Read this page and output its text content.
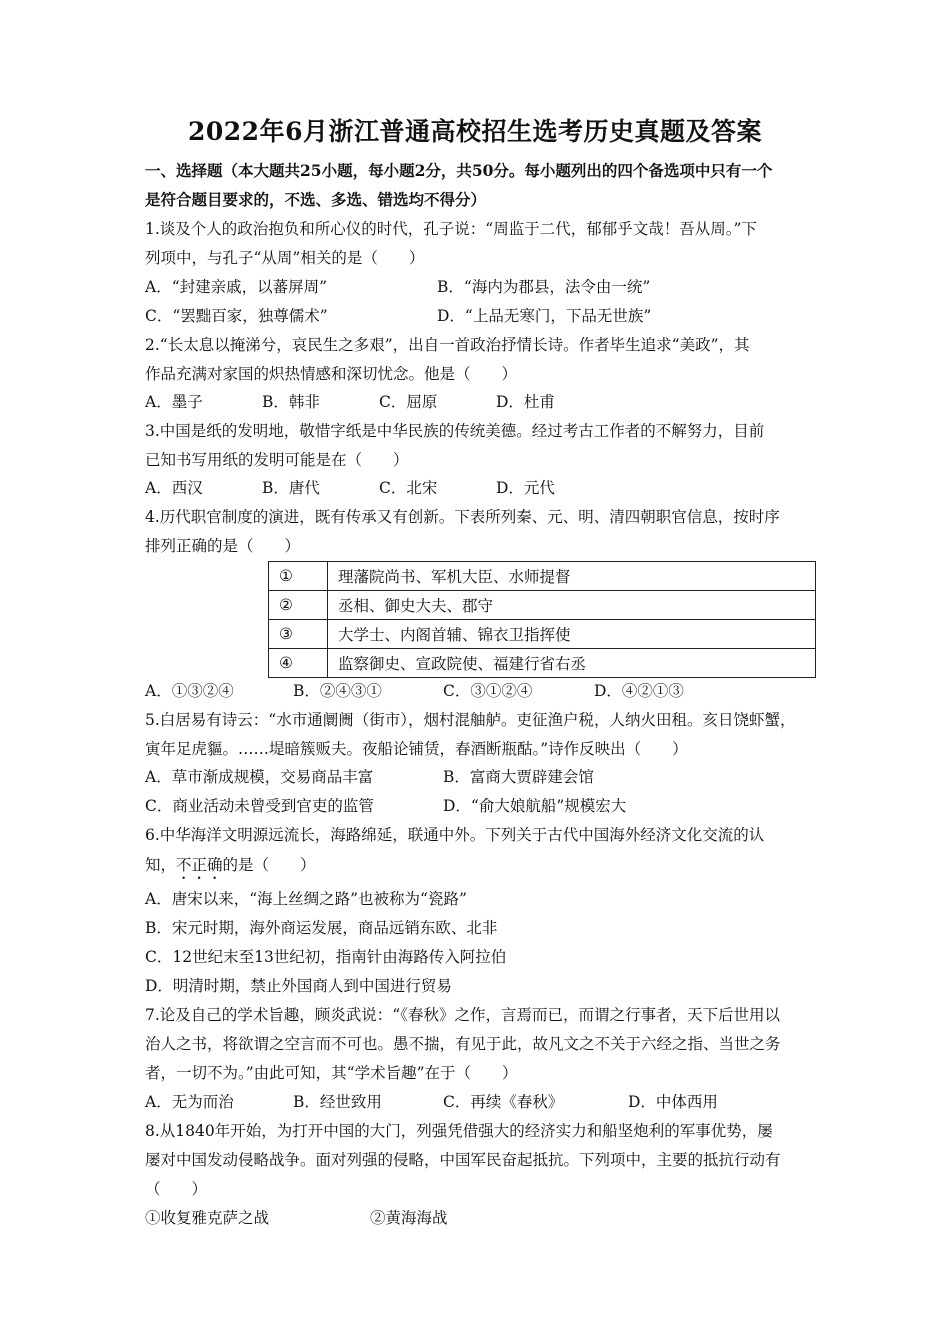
2022年6月浙江普通高校招生选考历史真题及答案
一、选择题（本大题共25小题，每小题2分，共50分。每小题列出的四个备选项中只有一个
是符合题目要求的，不选、多选、错选均不得分）
1.谈及个人的政治抱负和所心仪的时代，孔子说：“周监于二代，郁郁乎文哉！吾从周。”下
列项中，与孔子“从周”相关的是（　　）
A．“封建亲戚，以蕃屏周”	B．“海内为郡县，法令由一统”
C．“罢黜百家，独尊儒术”	D．“上品无寒门，下品无世族”
2.“长太息以掩涕兮，哀民生之多艰”，出自一首政治抒情长诗。作者毕生追求“美政”，其
作品充满对家国的炽热情感和深切忧念。他是（　　）
A．墨子	B．韩非	C．屈原	D．杜甫
3.中国是纸的发明地，敬惜字纸是中华民族的传统美德。经过考古工作者的不解努力，目前
已知书写用纸的发明可能是在（　　）
A．西汉	B．唐代	C．北宋	D．元代
4.历代职官制度的演进，既有传承又有创新。下表所列秦、元、明、清四朝职官信息，按时序
排列正确的是（　　）
①	理藩院尚书、军机大臣、水师提督
②	丞相、御史大夫、郡守
③	大学士、内阁首辅、锦衣卫指挥使
④	监察御史、宣政院使、福建行省右丞
A．①③②④	B．②④③①	C．③①②④	D．④②①③
5.白居易有诗云：“水市通阛阓（街市），烟村混舳舻。吏征渔户税，人纳火田租。亥日饶虾蟹，
寅年足虎貙。……堤暗簇贩夫。夜船论铺赁，春酒断瓶酤。”诗作反映出（　　）
A．草市渐成规模，交易商品丰富	B．富商大贾辟建会馆
C．商业活动未曾受到官吏的监管	D．“俞大娘航船”规模宏大
6.中华海洋文明源远流长，海路绵延，联通中外。下列关于古代中国海外经济文化交流的认
知，不正确的是（　　）
A．唐宋以来，“海上丝绸之路”也被称为“瓷路”
B．宋元时期，海外商运发展，商品远销东欧、北非
C．12世纪末至13世纪初，指南针由海路传入阿拉伯
D．明清时期，禁止外国商人到中国进行贸易
7.论及自己的学术旨趣，顾炎武说：“《春秋》之作，言焉而已，而谓之行事者，天下后世用以
治人之书，将欲谓之空言而不可也。愚不揣，有见于此，故凡文之不关于六经之指、当世之务
者，一切不为。”由此可知，其“学术旨趣”在于（　　）
A．无为而治	B．经世致用	C．再续《春秋》	D．中体西用
8.从1840年开始，为打开中国的大门，列强凭借强大的经济实力和船坚炮利的军事优势，屡
屡对中国发动侵略战争。面对列强的侵略，中国军民奋起抵抗。下列项中，主要的抵抗行动有
（　　）
①收复雅克萨之战	②黄海海战
